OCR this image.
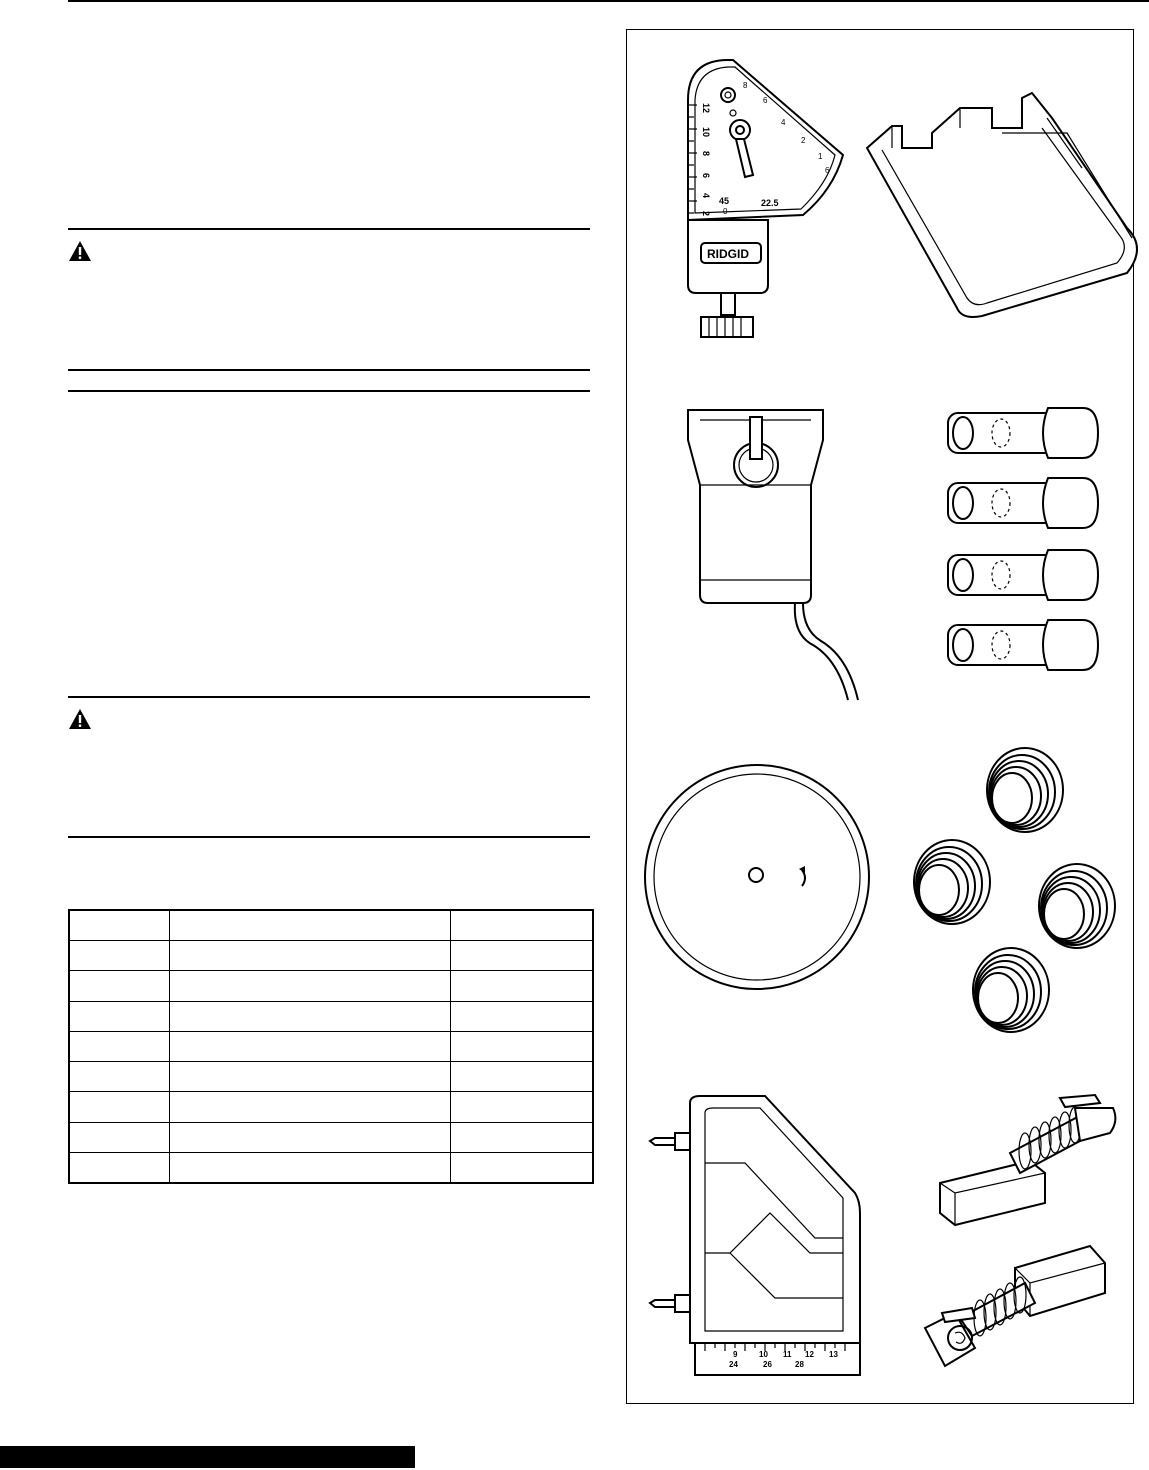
12
10
8
6
4
2
8
6
4
2
1
6
45
0
22.5
RIDGID
9	10 11 12 13
24	26	28
